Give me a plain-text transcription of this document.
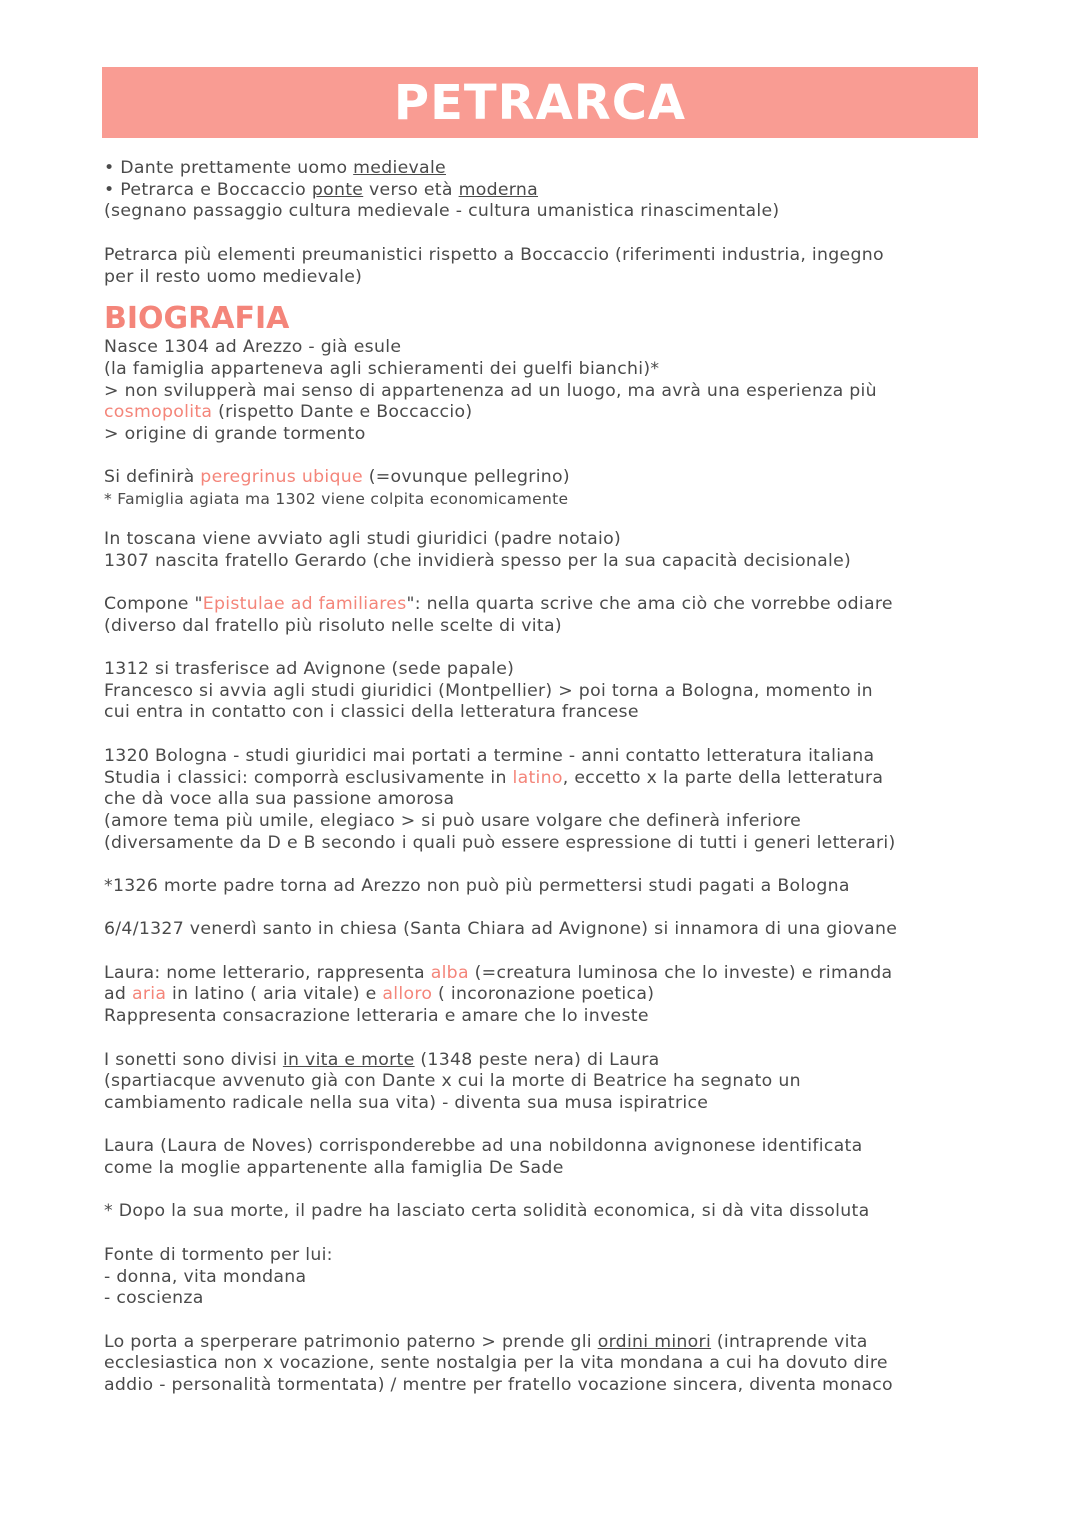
PETRARCA

• Dante prettamente uomo medievale

• Petrarca e Boccaccio ponte verso età moderna

(segnano passaggio cultura medievale - cultura umanistica rinascimentale)

Petrarca più elementi preumanistici rispetto a Boccaccio (riferimenti industria, ingegno

per il resto uomo medievale)

BIOGRAFIA

Nasce 1304 ad Arezzo - già esule

(la famiglia apparteneva agli schieramenti dei guelfi bianchi)*

> non svilupperà mai senso di appartenenza ad un luogo, ma avrà una esperienza più

cosmopolita (rispetto Dante e Boccaccio)

> origine di grande tormento

Si definirà peregrinus ubique (=ovunque pellegrino)

* Famiglia agiata ma 1302 viene colpita economicamente

In toscana viene avviato agli studi giuridici (padre notaio)

1307 nascita fratello Gerardo (che invidierà spesso per la sua capacità decisionale)

Compone "Epistulae ad familiares": nella quarta scrive che ama ciò che vorrebbe odiare

(diverso dal fratello più risoluto nelle scelte di vita)

1312 si trasferisce ad Avignone (sede papale)

Francesco si avvia agli studi giuridici (Montpellier) > poi torna a Bologna, momento in

cui entra in contatto con i classici della letteratura francese

1320 Bologna - studi giuridici mai portati a termine - anni contatto letteratura italiana

Studia i classici: comporrà esclusivamente in latino, eccetto x la parte della letteratura

che dà voce alla sua passione amorosa

(amore tema più umile, elegiaco > si può usare volgare che definerà inferiore

(diversamente da D e B secondo i quali può essere espressione di tutti i generi letterari)

*1326 morte padre torna ad Arezzo non può più permettersi studi pagati a Bologna

6/4/1327 venerdì santo in chiesa (Santa Chiara ad Avignone) si innamora di una giovane

Laura: nome letterario, rappresenta alba (=creatura luminosa che lo investe) e rimanda

ad aria in latino ( aria vitale) e alloro ( incoronazione poetica)

Rappresenta consacrazione letteraria e amare che lo investe

I sonetti sono divisi in vita e morte (1348 peste nera) di Laura

(spartiacque avvenuto già con Dante x cui la morte di Beatrice ha segnato un

cambiamento radicale nella sua vita) - diventa sua musa ispiratrice

Laura (Laura de Noves) corrisponderebbe ad una nobildonna avignonese identificata

come la moglie appartenente alla famiglia De Sade

* Dopo la sua morte, il padre ha lasciato certa solidità economica, si dà vita dissoluta

Fonte di tormento per lui:

- donna, vita mondana

- coscienza

Lo porta a sperperare patrimonio paterno > prende gli ordini minori (intraprende vita

ecclesiastica non x vocazione, sente nostalgia per la vita mondana a cui ha dovuto dire

addio - personalità tormentata) / mentre per fratello vocazione sincera, diventa monaco
